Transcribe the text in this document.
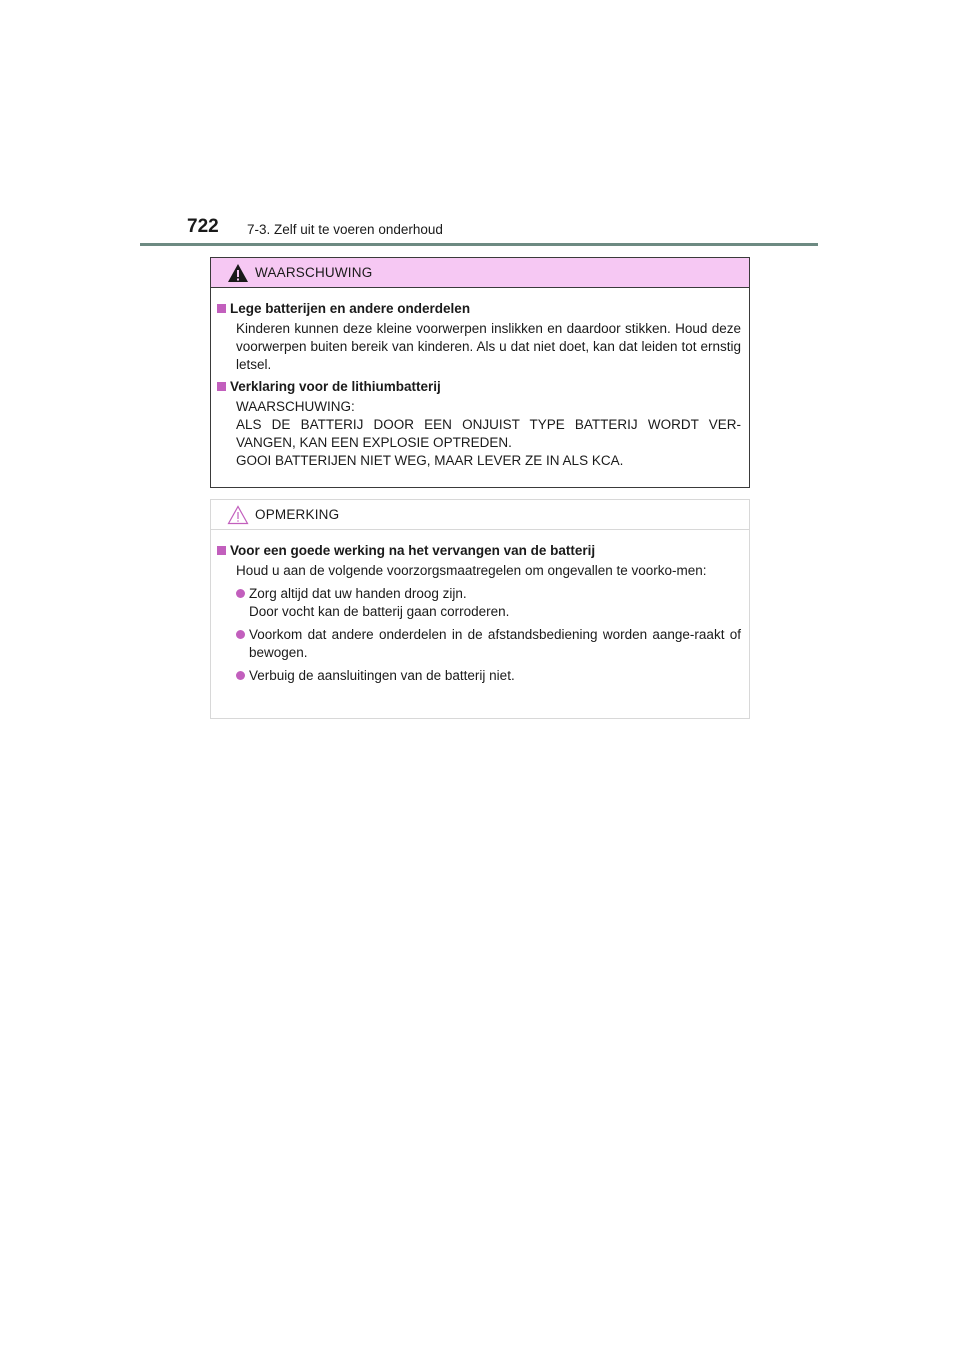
722 7-3. Zelf uit te voeren onderhoud
WAARSCHUWING

Lege batterijen en andere onderdelen

Kinderen kunnen deze kleine voorwerpen inslikken en daardoor stikken. Houd deze voorwerpen buiten bereik van kinderen. Als u dat niet doet, kan dat leiden tot ernstig letsel.

Verklaring voor de lithiumbatterij

WAARSCHUWING:
ALS DE BATTERIJ DOOR EEN ONJUIST TYPE BATTERIJ WORDT VER-VANGEN, KAN EEN EXPLOSIE OPTREDEN.
GOOI BATTERIJEN NIET WEG, MAAR LEVER ZE IN ALS KCA.

OPMERKING

Voor een goede werking na het vervangen van de batterij

Houd u aan de volgende voorzorgsmaatregelen om ongevallen te voorko-men:

Zorg altijd dat uw handen droog zijn.
Door vocht kan de batterij gaan corroderen.
Voorkom dat andere onderdelen in de afstandsbediening worden aange-raakt of bewogen.
Verbuig de aansluitingen van de batterij niet.
